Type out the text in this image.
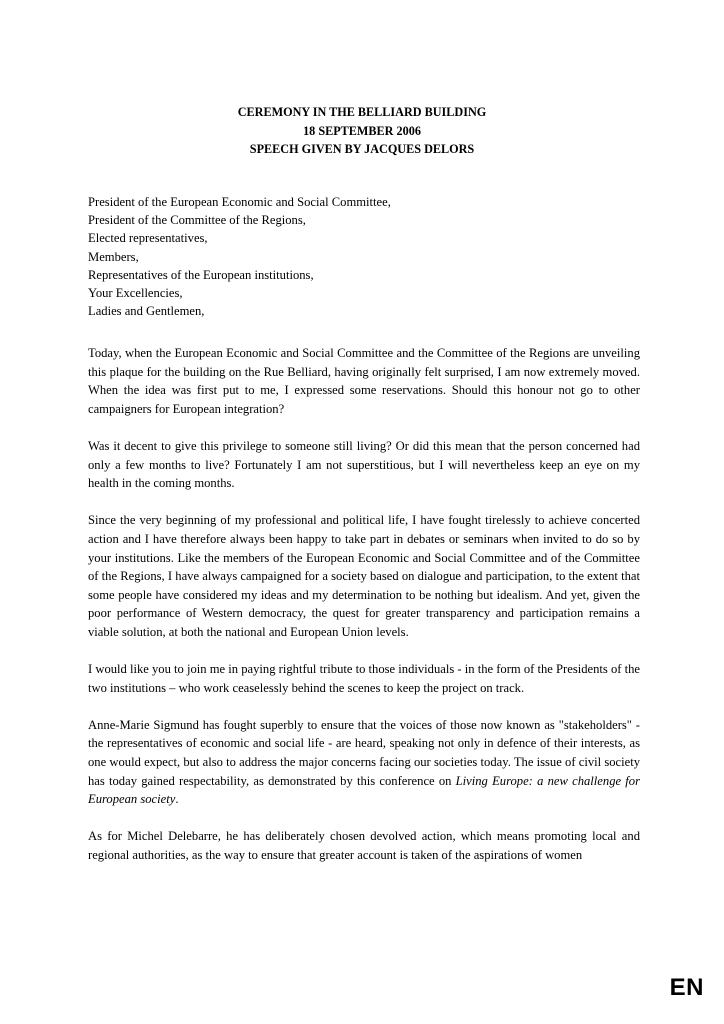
CEREMONY IN THE BELLIARD BUILDING
18 SEPTEMBER 2006
SPEECH GIVEN BY JACQUES DELORS
President of the European Economic and Social Committee,
President of the Committee of the Regions,
Elected representatives,
Members,
Representatives of the European institutions,
Your Excellencies,
Ladies and Gentlemen,

Today, when the European Economic and Social Committee and the Committee of the Regions are unveiling this plaque for the building on the Rue Belliard, having originally felt surprised, I am now extremely moved. When the idea was first put to me, I expressed some reservations. Should this honour not go to other campaigners for European integration?

Was it decent to give this privilege to someone still living? Or did this mean that the person concerned had only a few months to live? Fortunately I am not superstitious, but I will nevertheless keep an eye on my health in the coming months.

Since the very beginning of my professional and political life, I have fought tirelessly to achieve concerted action and I have therefore always been happy to take part in debates or seminars when invited to do so by your institutions. Like the members of the European Economic and Social Committee and of the Committee of the Regions, I have always campaigned for a society based on dialogue and participation, to the extent that some people have considered my ideas and my determination to be nothing but idealism. And yet, given the poor performance of Western democracy, the quest for greater transparency and participation remains a viable solution, at both the national and European Union levels.

I would like you to join me in paying rightful tribute to those individuals - in the form of the Presidents of the two institutions – who work ceaselessly behind the scenes to keep the project on track.

Anne-Marie Sigmund has fought superbly to ensure that the voices of those now known as "stakeholders" - the representatives of economic and social life - are heard, speaking not only in defence of their interests, as one would expect, but also to address the major concerns facing our societies today. The issue of civil society has today gained respectability, as demonstrated by this conference on Living Europe: a new challenge for European society.

As for Michel Delebarre, he has deliberately chosen devolved action, which means promoting local and regional authorities, as the way to ensure that greater account is taken of the aspirations of women

EN
